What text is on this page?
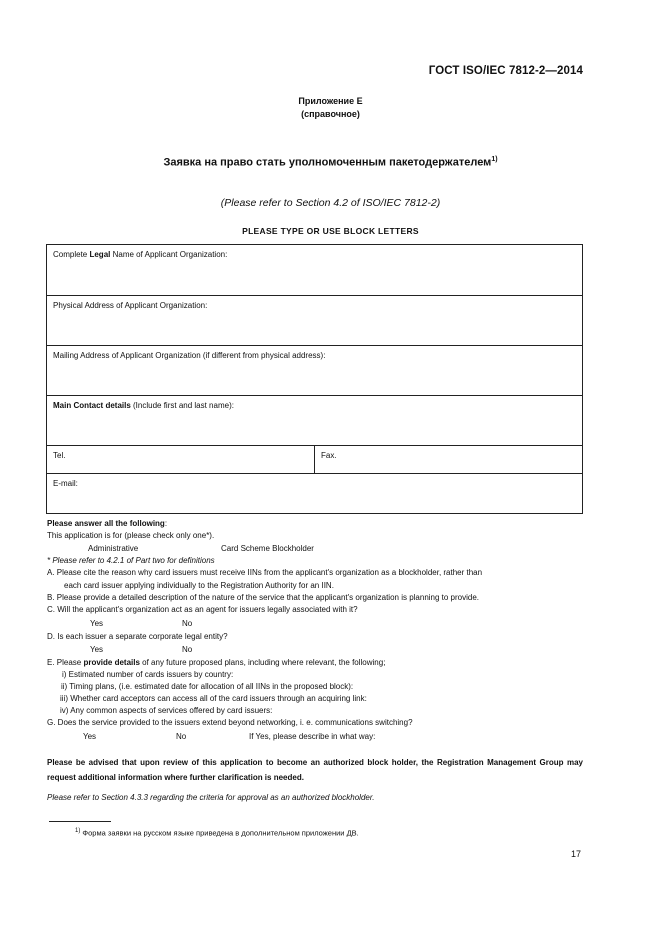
ГОСТ ISO/IEC 7812-2—2014
Приложение Е
(справочное)
Заявка на право стать уполномоченным пакетодержателем$^{1)}$
(Please refer to Section 4.2 of ISO/IEC 7812-2)
PLEASE TYPE OR USE BLOCK LETTERS
Complete Legal Name of Applicant Organization:
Physical Address of Applicant Organization:
Mailing Address of Applicant Organization (if different from physical address):
Main Contact details (Include first and last name):
Tel.	Fax.
E-mail:
Please answer all the following:
This application is for (please check only one*).
Administrative	Card Scheme Blockholder
* Please refer to 4.2.1 of Part two for definitions
A. Please cite the reason why card issuers must receive IINs from the applicant's organization as a blockholder, rather than
each card issuer applying individually to the Registration Authority for an IIN.
B. Please provide a detailed description of the nature of the service that the applicant's organization is planning to provide.
C. Will the applicant's organization act as an agent for issuers legally associated with it?
Yes	No
D. Is each issuer a separate corporate legal entity?
Yes	No
E. Please provide details of any future proposed plans, including where relevant, the following;
i) Estimated number of cards issuers by country:
ii) Timing plans, (i.e. estimated date for allocation of all IINs in the proposed block):
iii) Whether card acceptors can access all of the card issuers through an acquiring link:
iv) Any common aspects of services offered by card issuers:
G. Does the service provided to the issuers extend beyond networking, i. e. communications switching?
Yes	No	If Yes, please describe in what way:
Please be advised that upon review of this application to become an authorized block holder, the Registration Management Group may request additional information where further clarification is needed.
Please refer to Section 4.3.3 regarding the criteria for approval as an authorized blockholder.
$^{1)}$ Форма заявки на русском языке приведена в дополнительном приложении ДВ.
17
